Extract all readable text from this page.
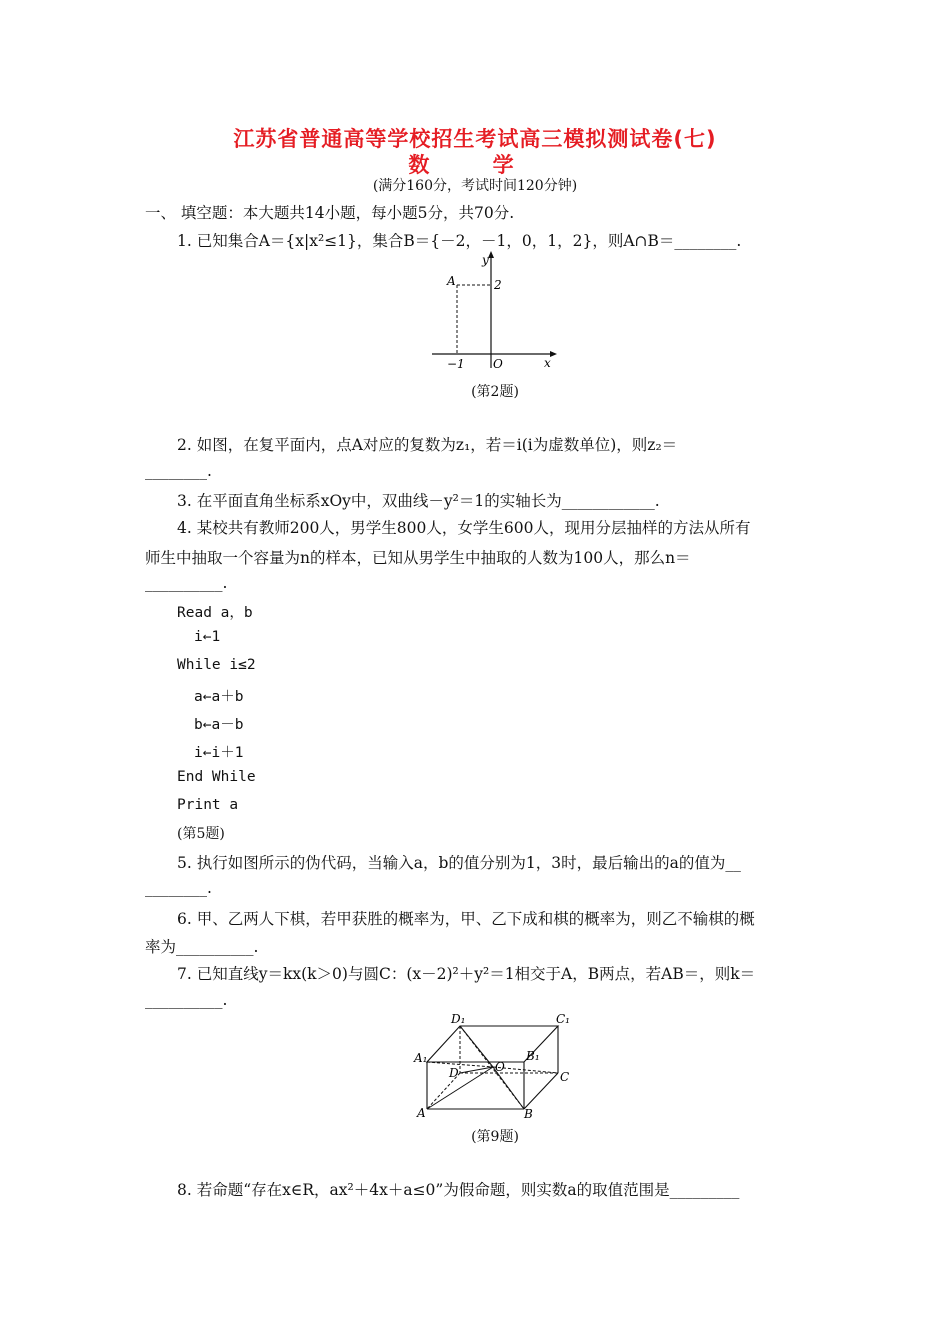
江苏省普通高等学校招生考试高三模拟测试卷(七)
数 学
(满分160分，考试时间120分钟)
一、 填空题：本大题共14小题，每小题5分，共70分.
1. 已知集合A＝{x|x²≤1}，集合B＝{－2，－1，0，1，2}，则A∩B＝________.
y
x
A	2
−1 O
(第2题)
2. 如图，在复平面内，点A对应的复数为z₁，若＝i(i为虚数单位)，则z₂＝
________.
3. 在平面直角坐标系xOy中，双曲线－y²＝1的实轴长为____________.
4. 某校共有教师200人，男学生800人，女学生600人，现用分层抽样的方法从所有
师生中抽取一个容量为n的样本，已知从男学生中抽取的人数为100人，那么n＝
__________.
Read a，b
i←1
While i≤2
a←a＋b
b←a－b
i←i＋1
End While
Print a
(第5题)
5. 执行如图所示的伪代码，当输入a，b的值分别为1，3时，最后输出的a的值为__
________.
6. 甲、乙两人下棋，若甲获胜的概率为，甲、乙下成和棋的概率为，则乙不输棋的概
率为__________.
7. 已知直线y＝kx(k＞0)与圆C：(x－2)²＋y²＝1相交于A，B两点，若AB＝，则k＝
__________.
D₁	C₁
A₁	B₁
D	O
C
A	B
(第9题)
8. 若命题“存在x∈R，ax²＋4x＋a≤0”为假命题，则实数a的取值范围是_________
